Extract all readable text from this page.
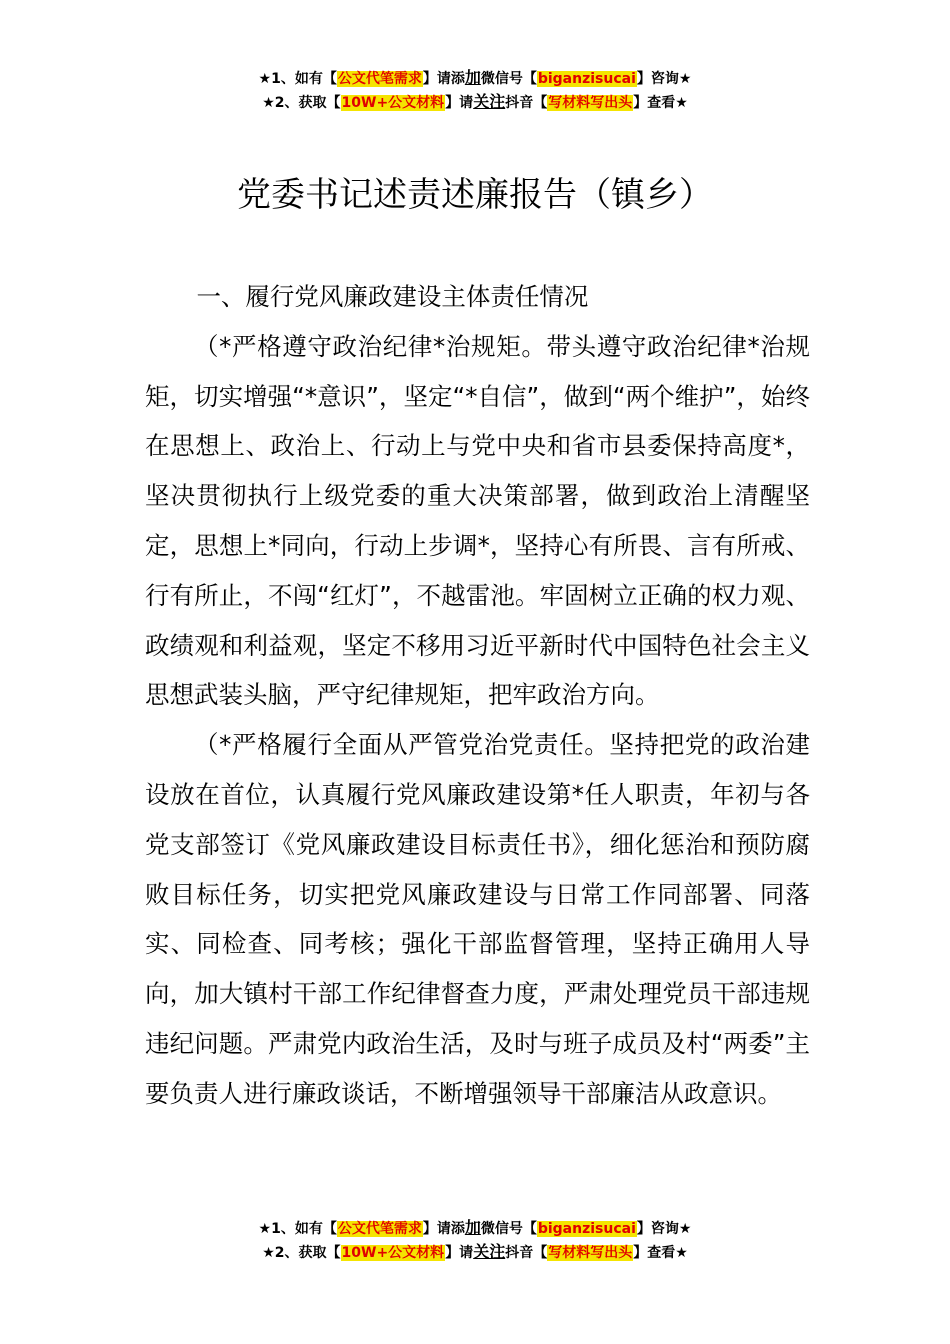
★1、如有【公文代笔需求】请添加微信号【biganzisucai】咨询★
★2、获取【10W+公文材料】请关注抖音【写材料写出头】查看★
党委书记述责述廉报告（镇乡）

一、履行党风廉政建设主体责任情况

（*严格遵守政治纪律*治规矩。带头遵守政治纪律*治规矩，切实增强“*意识”，坚定“*自信”，做到“两个维护”，始终在思想上、政治上、行动上与党中央和省市县委保持高度*，坚决贯彻执行上级党委的重大决策部署，做到政治上清醒坚定，思想上*同向，行动上步调*，坚持心有所畏、言有所戒、行有所止，不闯“红灯”，不越雷池。牢固树立正确的权力观、政绩观和利益观，坚定不移用习近平新时代中国特色社会主义思想武装头脑，严守纪律规矩，把牢政治方向。

（*严格履行全面从严管党治党责任。坚持把党的政治建设放在首位，认真履行党风廉政建设第*任人职责，年初与各党支部签订《党风廉政建设目标责任书》，细化惩治和预防腐败目标任务，切实把党风廉政建设与日常工作同部署、同落实、同检查、同考核；强化干部监督管理，坚持正确用人导向，加大镇村干部工作纪律督查力度，严肃处理党员干部违规违纪问题。严肃党内政治生活，及时与班子成员及村“两委”主要负责人进行廉政谈话，不断增强领导干部廉洁从政意识。

★1、如有【公文代笔需求】请添加微信号【biganzisucai】咨询★
★2、获取【10W+公文材料】请关注抖音【写材料写出头】查看★
